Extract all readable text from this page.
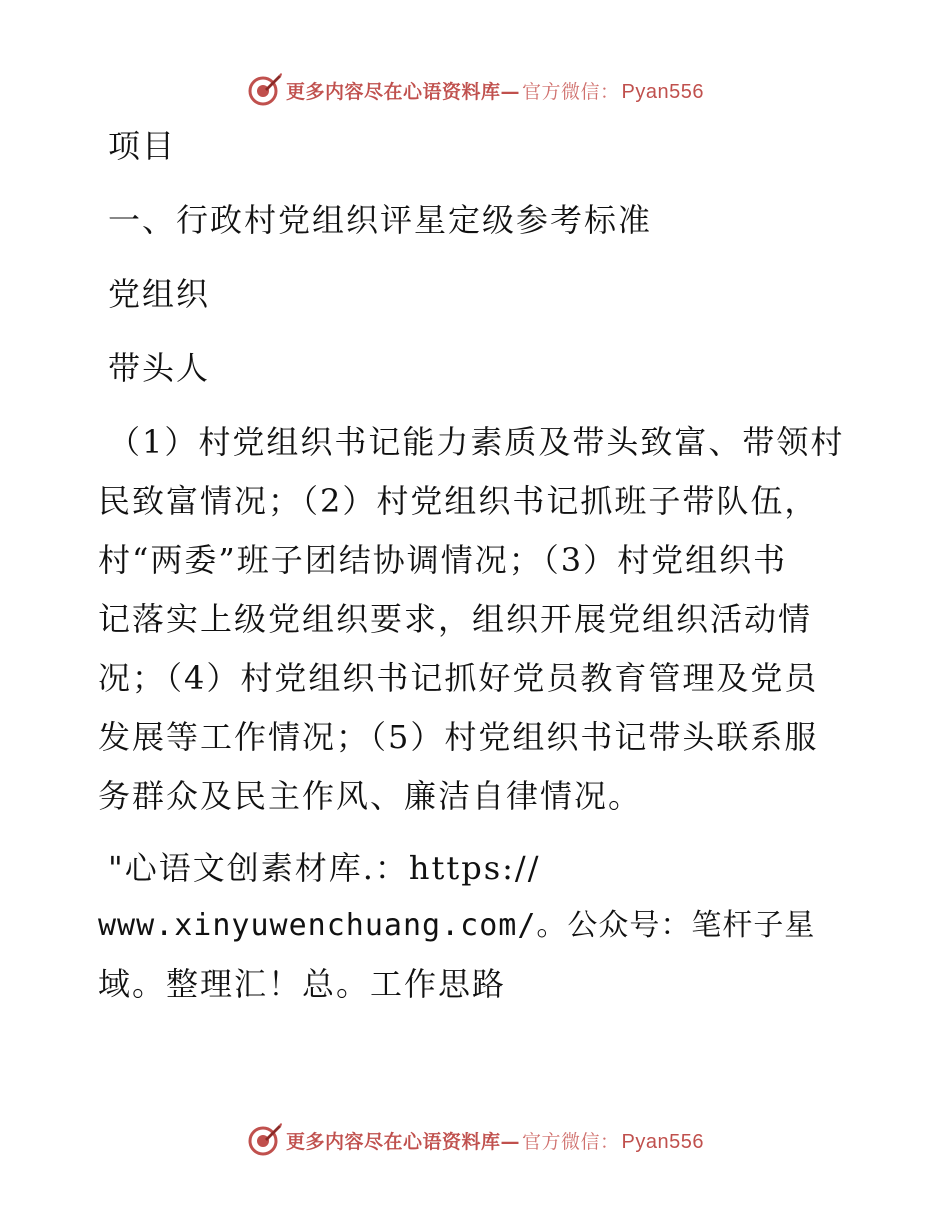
更多内容尽在心语资料库— 官方微信： Pyan556
项目
一、行政村党组织评星定级参考标准
党组织
带头人
（1）村党组织书记能力素质及带头致富、带领村
民致富情况；（2）村党组织书记抓班子带队伍，
村“两委”班子团结协调情况；（3）村党组织书
记落实上级党组织要求，组织开展党组织活动情
况；（4）村党组织书记抓好党员教育管理及党员
发展等工作情况；（5）村党组织书记带头联系服
务群众及民主作风、廉洁自律情况。
"心语文创素材库.：https://
www.xinyuwenchuang.com/。公众号：笔杆子星
域。整理汇！总。工作思路
更多内容尽在心语资料库— 官方微信： Pyan556
